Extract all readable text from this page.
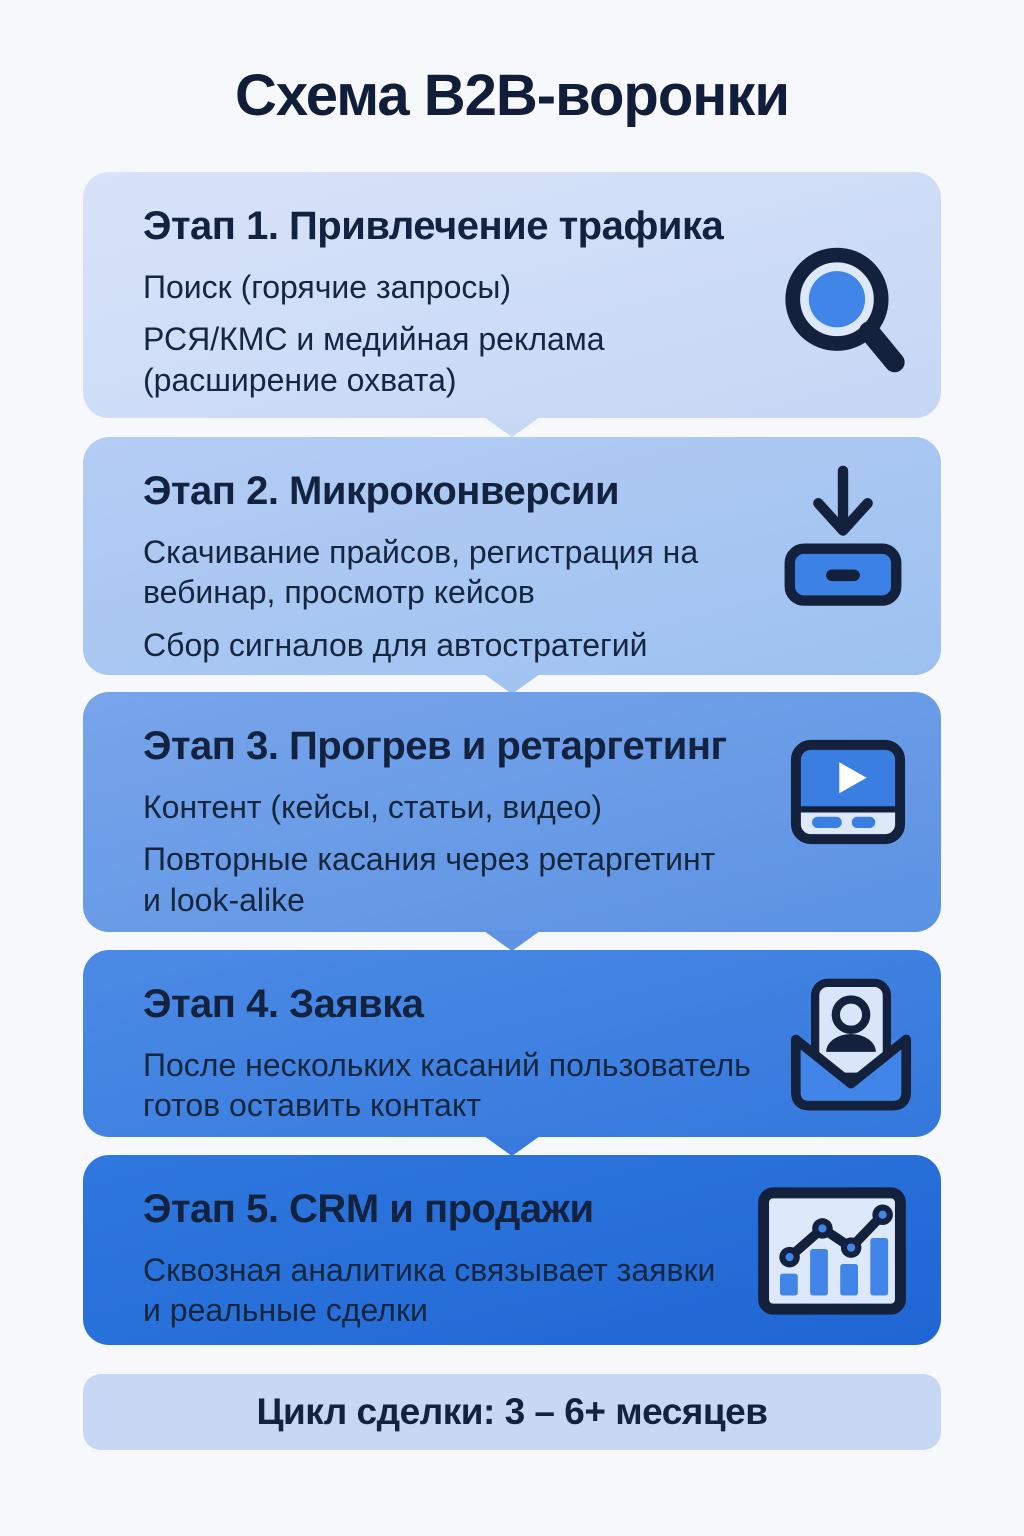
Схема B2B-воронки
Этап 1. Привлечение трафика

Поиск (горячие запросы)

РСЯ/КМС и медийная реклама (расширение охвата)

Этап 2. Микроконверсии

Скачивание прайсов, регистрация на вебинар, просмотр кейсов

Сбор сигналов для автостратегий

Этап 3. Прогрев и ретаргетинг

Контент (кейсы, статьи, видео)

Повторные касания через ретаргетинт и look-alike

Этап 4. Заявка

После нескольких касаний пользователь готов оставить контакт

Этап 5. CRM и продажи

Сквозная аналитика связывает заявки и реальные сделки

Цикл сделки: 3 – 6+ месяцев
